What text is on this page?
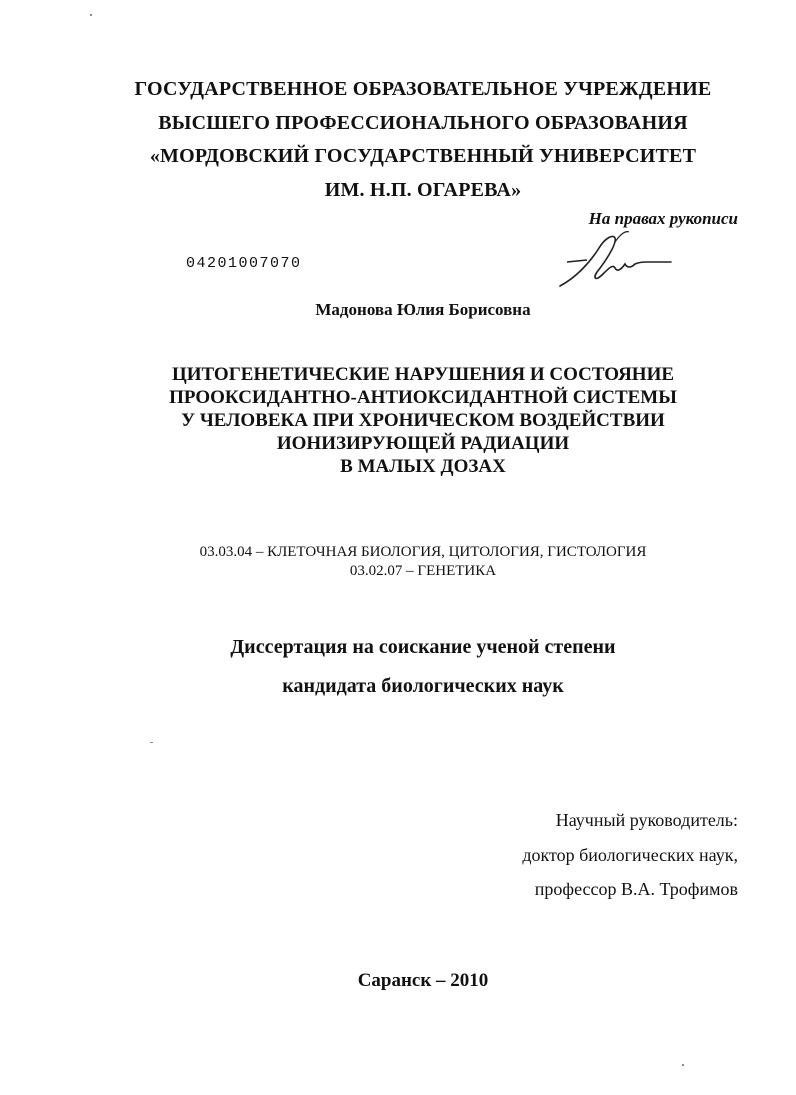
ГОСУДАРСТВЕННОЕ ОБРАЗОВАТЕЛЬНОЕ УЧРЕЖДЕНИЕ
ВЫСШЕГО ПРОФЕССИОНАЛЬНОГО ОБРАЗОВАНИЯ
«МОРДОВСКИЙ ГОСУДАРСТВЕННЫЙ УНИВЕРСИТЕТ
ИМ. Н.П. ОГАРЕВА»
На правах рукописи
04201007070
Мадонова Юлия Борисовна
ЦИТОГЕНЕТИЧЕСКИЕ НАРУШЕНИЯ И СОСТОЯНИЕ
ПРООКСИДАНТНО-АНТИОКСИДАНТНОЙ СИСТЕМЫ
У ЧЕЛОВЕКА ПРИ ХРОНИЧЕСКОМ ВОЗДЕЙСТВИИ
ИОНИЗИРУЮЩЕЙ РАДИАЦИИ
В МАЛЫХ ДОЗАХ
03.03.04 – КЛЕТОЧНАЯ БИОЛОГИЯ, ЦИТОЛОГИЯ, ГИСТОЛОГИЯ
03.02.07 – ГЕНЕТИКА
Диссертация на соискание ученой степени
кандидата биологических наук
Научный руководитель:
доктор биологических наук,
профессор В.А. Трофимов
Саранск – 2010
